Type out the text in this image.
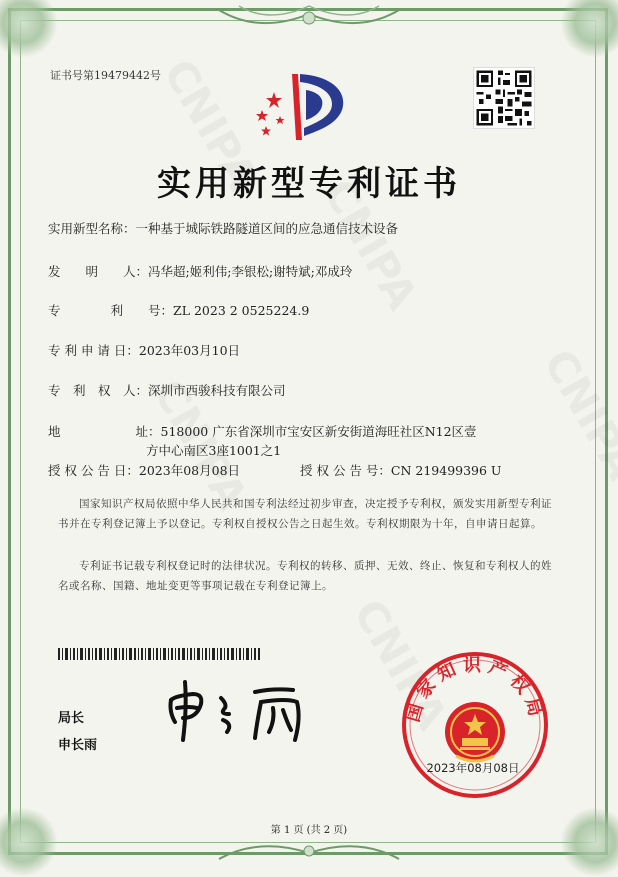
证书号第19479442号
实用新型专利证书
实用新型名称：一种基于城际铁路隧道区间的应急通信技术设备
发　　明　　人：冯华超;姬利伟;李银松;谢特斌;邓成玲
专　　　　利　　号：ZL 2023 2 0525224.9
专 利 申 请 日：2023年03月10日
专　利　权　人：深圳市西骏科技有限公司
地　　　　　　址：518000 广东省深圳市宝安区新安街道海旺社区N12区壹
方中心南区3座1001之1
授 权 公 告 日：2023年08月08日	授 权 公 告 号：CN 219499396 U
国家知识产权局依照中华人民共和国专利法经过初步审查，决定授予专利权，颁发实用新型专利证书并在专利登记簿上予以登记。专利权自授权公告之日起生效。专利权期限为十年，自申请日起算。
专利证书记载专利权登记时的法律状况。专利权的转移、质押、无效、终止、恢复和专利权人的姓名或名称、国籍、地址变更等事项记载在专利登记簿上。
局长
申长雨
国家知识产权局
2023年08月08日
第 1 页 (共 2 页)
